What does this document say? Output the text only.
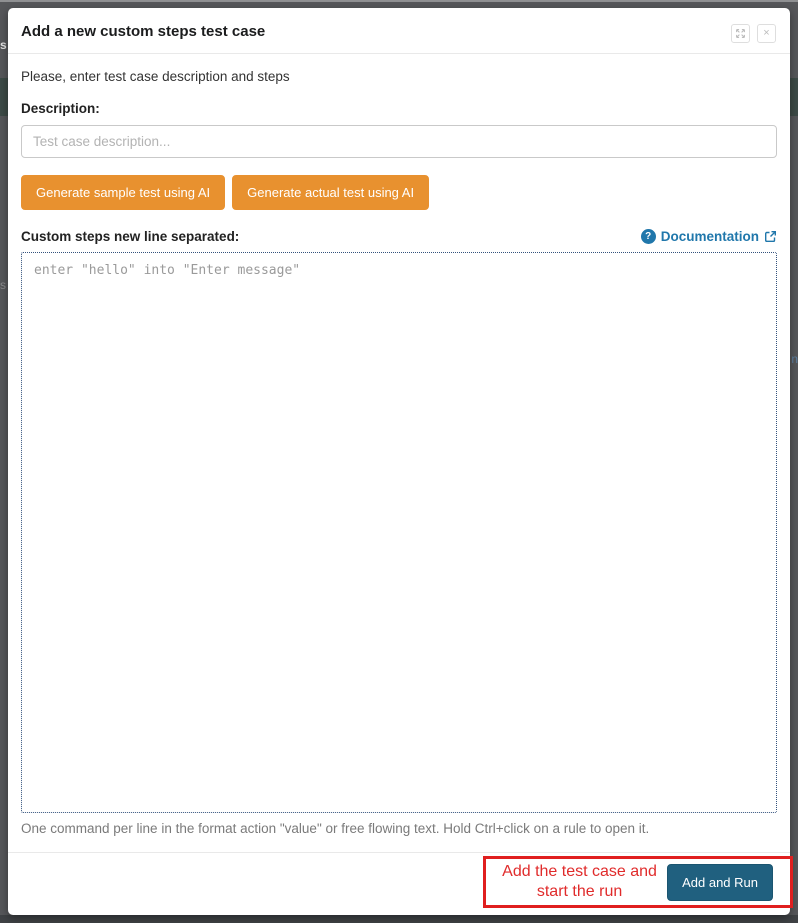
s
s
n
Add a new custom steps test case	×
Please, enter test case description and steps
Description:
Test case description...
Generate sample test using AI	Generate actual test using AI
Custom steps new line separated:	? Documentation
enter "hello" into "Enter message"
One command per line in the format action "value" or free flowing text. Hold Ctrl+click on a rule to open it.
Add the test case and
start the run
Add and Run
